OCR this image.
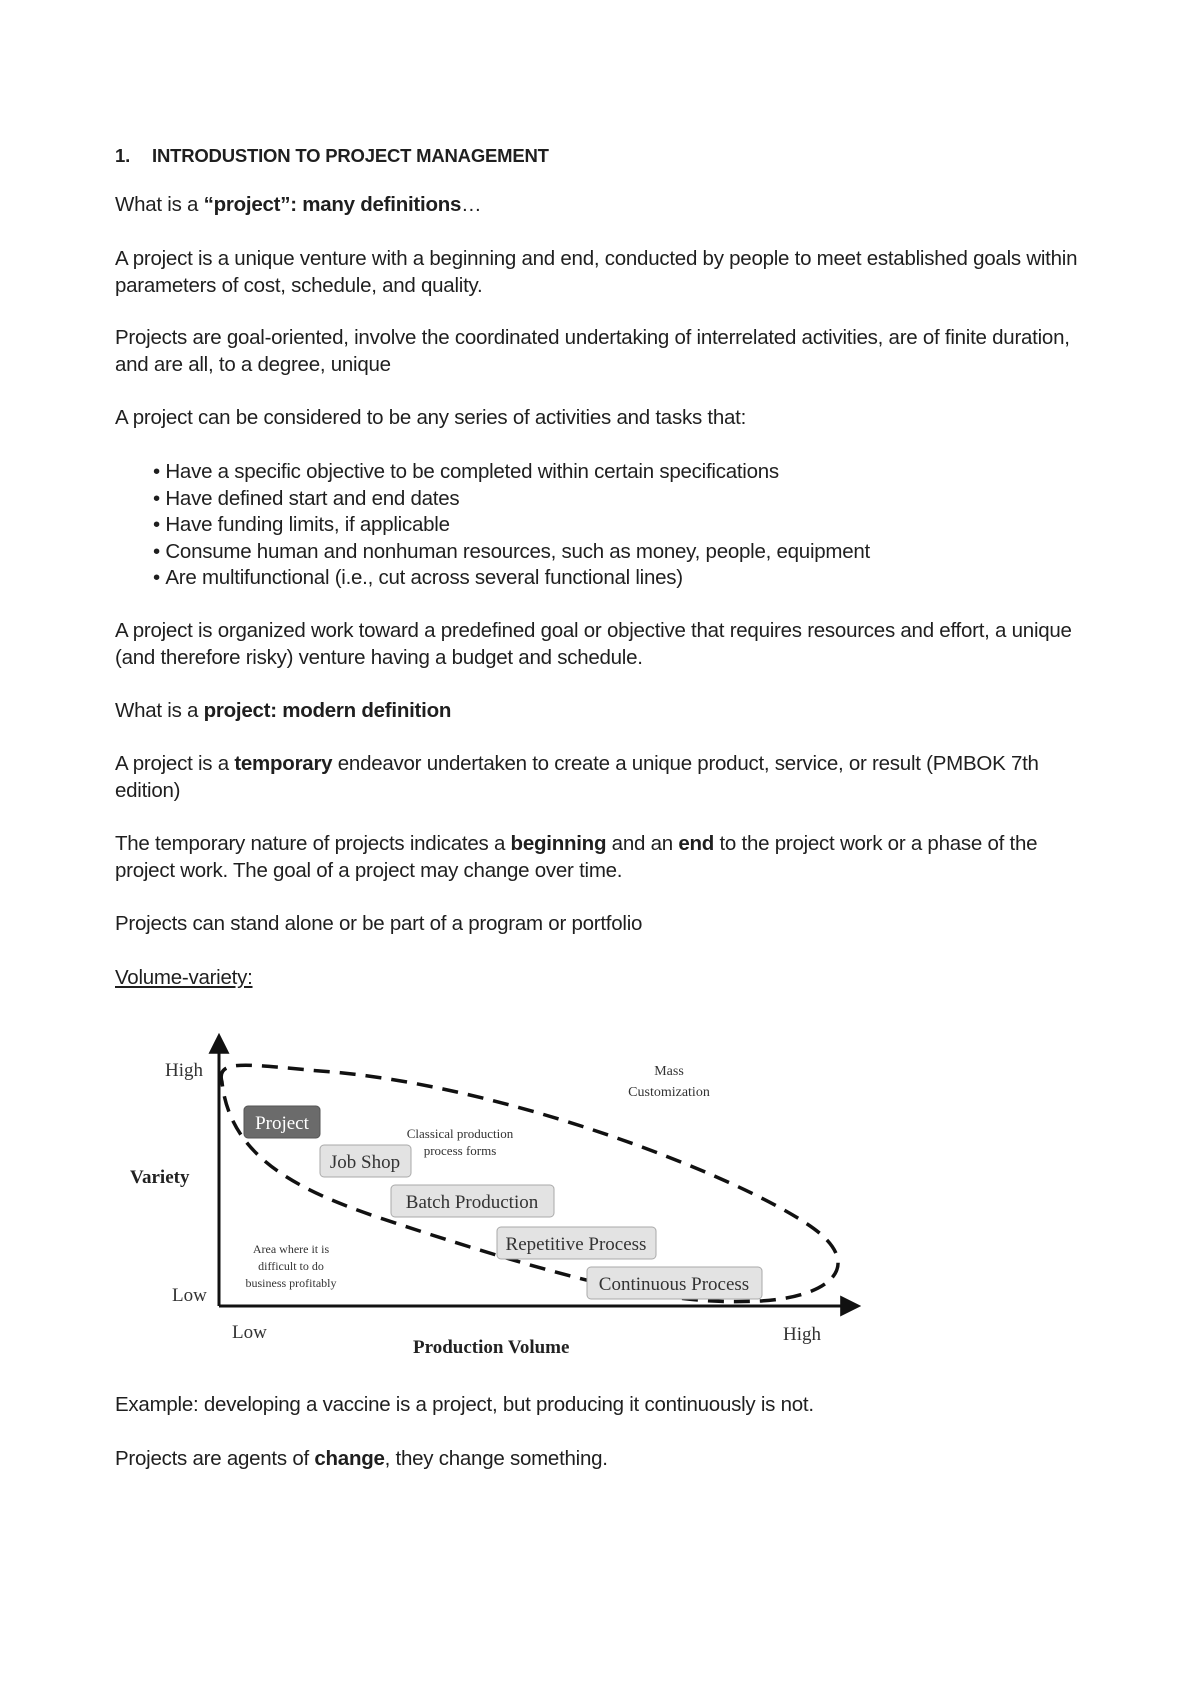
1. INTRODUSTION TO PROJECT MANAGEMENT
What is a “project”: many definitions…
A project is a unique venture with a beginning and end, conducted by people to meet established goals within parameters of cost, schedule, and quality.
Projects are goal-oriented, involve the coordinated undertaking of interrelated activities, are of finite duration, and are all, to a degree, unique
A project can be considered to be any series of activities and tasks that:
• Have a specific objective to be completed within certain specifications
• Have defined start and end dates
• Have funding limits, if applicable
• Consume human and nonhuman resources, such as money, people, equipment
• Are multifunctional (i.e., cut across several functional lines)
A project is organized work toward a predefined goal or objective that requires resources and effort, a unique (and therefore risky) venture having a budget and schedule.
What is a project: modern definition
A project is a temporary endeavor undertaken to create a unique product, service, or result (PMBOK 7th edition)
The temporary nature of projects indicates a beginning and an end to the project work or a phase of the project work. The goal of a project may change over time.
Projects can stand alone or be part of a program or portfolio
Volume-variety:
Example: developing a vaccine is a project, but producing it continuously is not.
Projects are agents of change, they change something.
High
Low
Variety
Low	High
Production Volume
Project
Job Shop
Batch Production
Repetitive Process
Continuous Process
Classical production
process forms
Mass
Customization
Area where it is
difficult to do
business profitably
